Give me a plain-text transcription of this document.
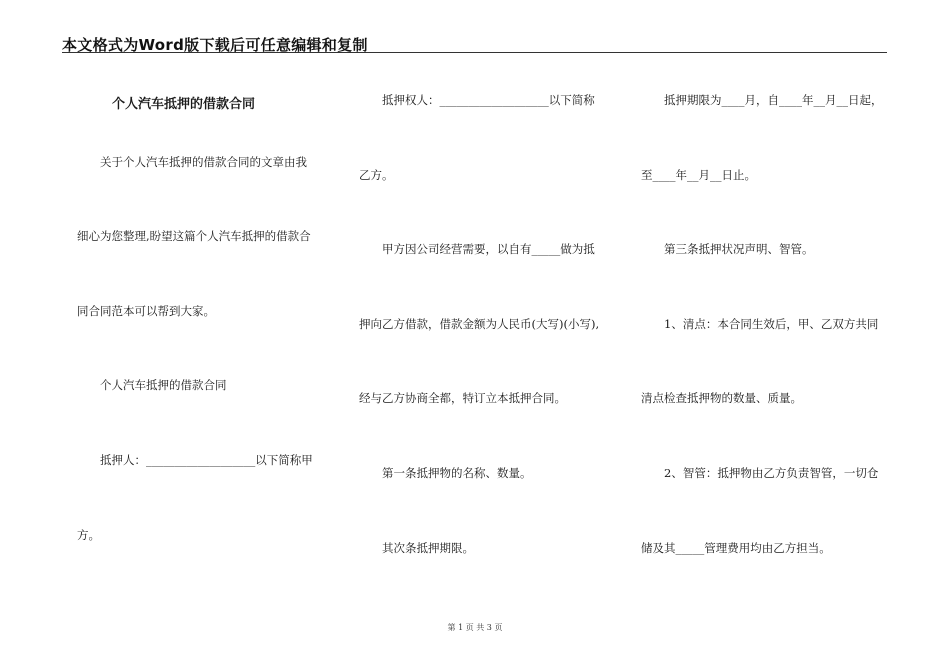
本文格式为Word版下载后可任意编辑和复制
个人汽车抵押的借款合同
关于个人汽车抵押的借款合同的文章由我
细心为您整理,盼望这篇个人汽车抵押的借款合
同合同范本可以帮到大家。
个人汽车抵押的借款合同
抵押人：___________________以下简称甲
方。
抵押权人：___________________以下简称
乙方。
甲方因公司经营需要，以自有_____做为抵
押向乙方借款，借款金额为人民币(大写)(小写),
经与乙方协商全都，特订立本抵押合同。
第一条抵押物的名称、数量。
其次条抵押期限。
抵押期限为____月，自____年__月__日起，
至____年__月__日止。
第三条抵押状况声明、智管。
1、清点：本合同生效后，甲、乙双方共同
清点检查抵押物的数量、质量。
2、智管：抵押物由乙方负责智管，一切仓
储及其_____管理费用均由乙方担当。
第 1 页 共 3 页
